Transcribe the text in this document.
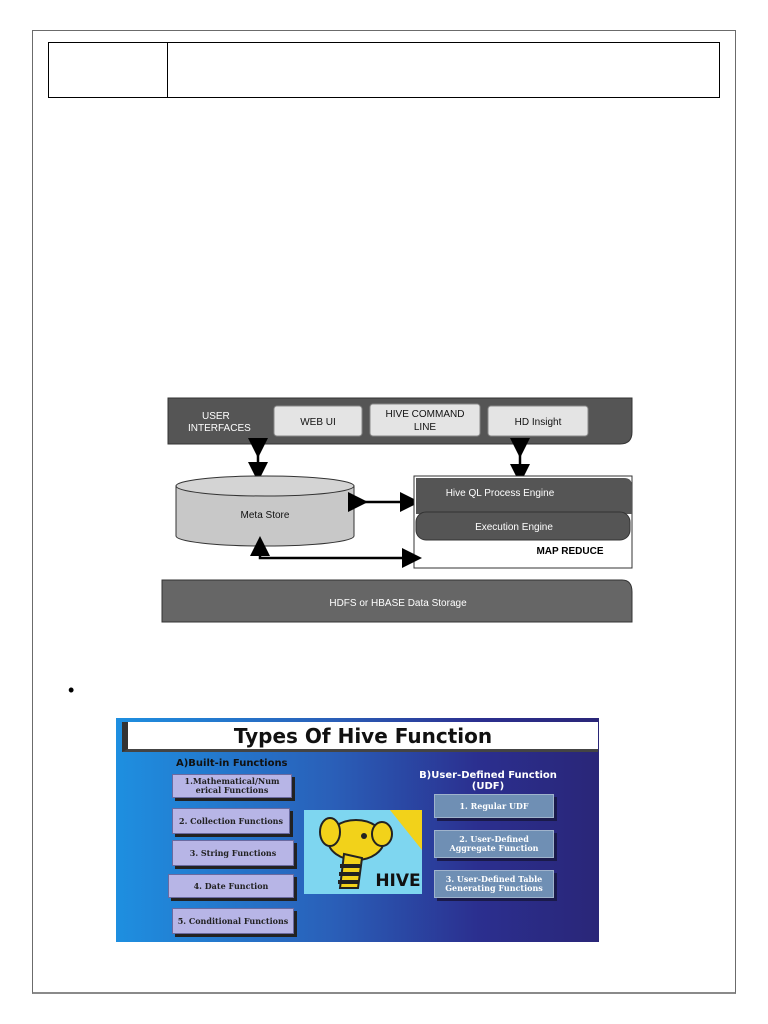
USER INTERFACES
WEB UI
HIVE COMMAND
LINE	HD Insight
Meta Store
Hive QL Process Engine
Execution Engine
MAP REDUCE
HDFS or HBASE Data Storage
•
Types Of Hive Function
A)Built-in Functions
B)User-Defined Function
(UDF)
1.Mathematical/Num erical Functions
2. Collection Functions
3. String Functions
4. Date Function
5. Conditional Functions
HIVE
1. Regular UDF
2. User-Defined Aggregate Function
3. User-Defined Table Generating Functions
